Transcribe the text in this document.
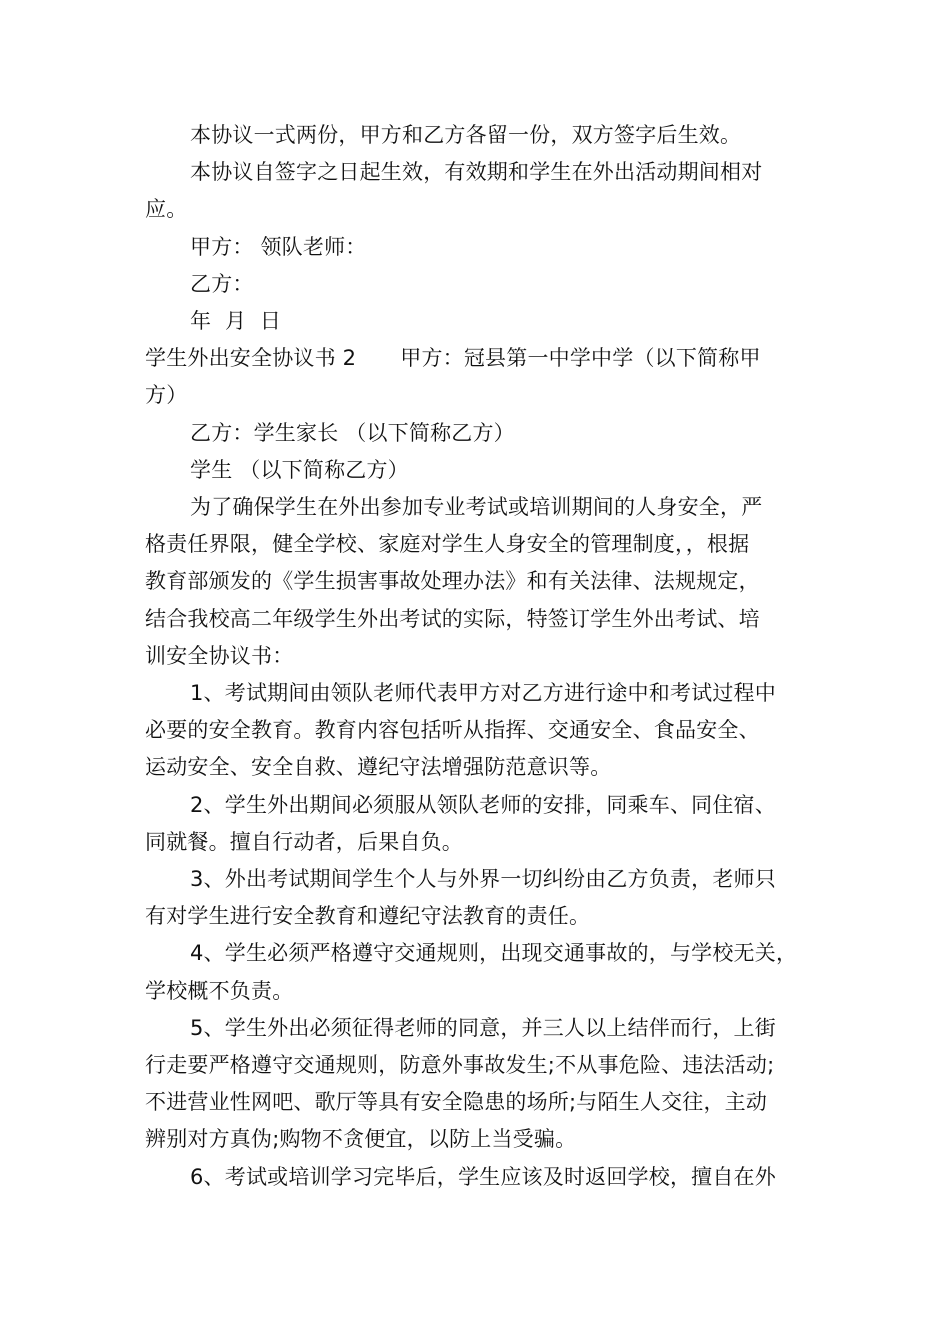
本协议一式两份，甲方和乙方各留一份，双方签字后生效。

本协议自签字之日起生效，有效期和学生在外出活动期间相对

应。

甲方： 领队老师：

乙方：

年  月  日

学生外出安全协议书 2 甲方：冠县第一中学中学（以下简称甲

方）

乙方：学生家长 （以下简称乙方）

学生 （以下简称乙方）

为了确保学生在外出参加专业考试或培训期间的人身安全，严

格责任界限，健全学校、家庭对学生人身安全的管理制度，，根据

教育部颁发的《学生损害事故处理办法》和有关法律、法规规定，

结合我校高二年级学生外出考试的实际，特签订学生外出考试、培

训安全协议书：

1、考试期间由领队老师代表甲方对乙方进行途中和考试过程中

必要的安全教育。教育内容包括听从指挥、交通安全、食品安全、

运动安全、安全自救、遵纪守法增强防范意识等。

2、学生外出期间必须服从领队老师的安排，同乘车、同住宿、

同就餐。擅自行动者，后果自负。

3、外出考试期间学生个人与外界一切纠纷由乙方负责，老师只

有对学生进行安全教育和遵纪守法教育的责任。

4、学生必须严格遵守交通规则，出现交通事故的，与学校无关，

学校概不负责。

5、学生外出必须征得老师的同意，并三人以上结伴而行，上街

行走要严格遵守交通规则，防意外事故发生;不从事危险、违法活动;

不进营业性网吧、歌厅等具有安全隐患的场所;与陌生人交往，主动

辨别对方真伪;购物不贪便宜，以防上当受骗。

6、考试或培训学习完毕后，学生应该及时返回学校，擅自在外
